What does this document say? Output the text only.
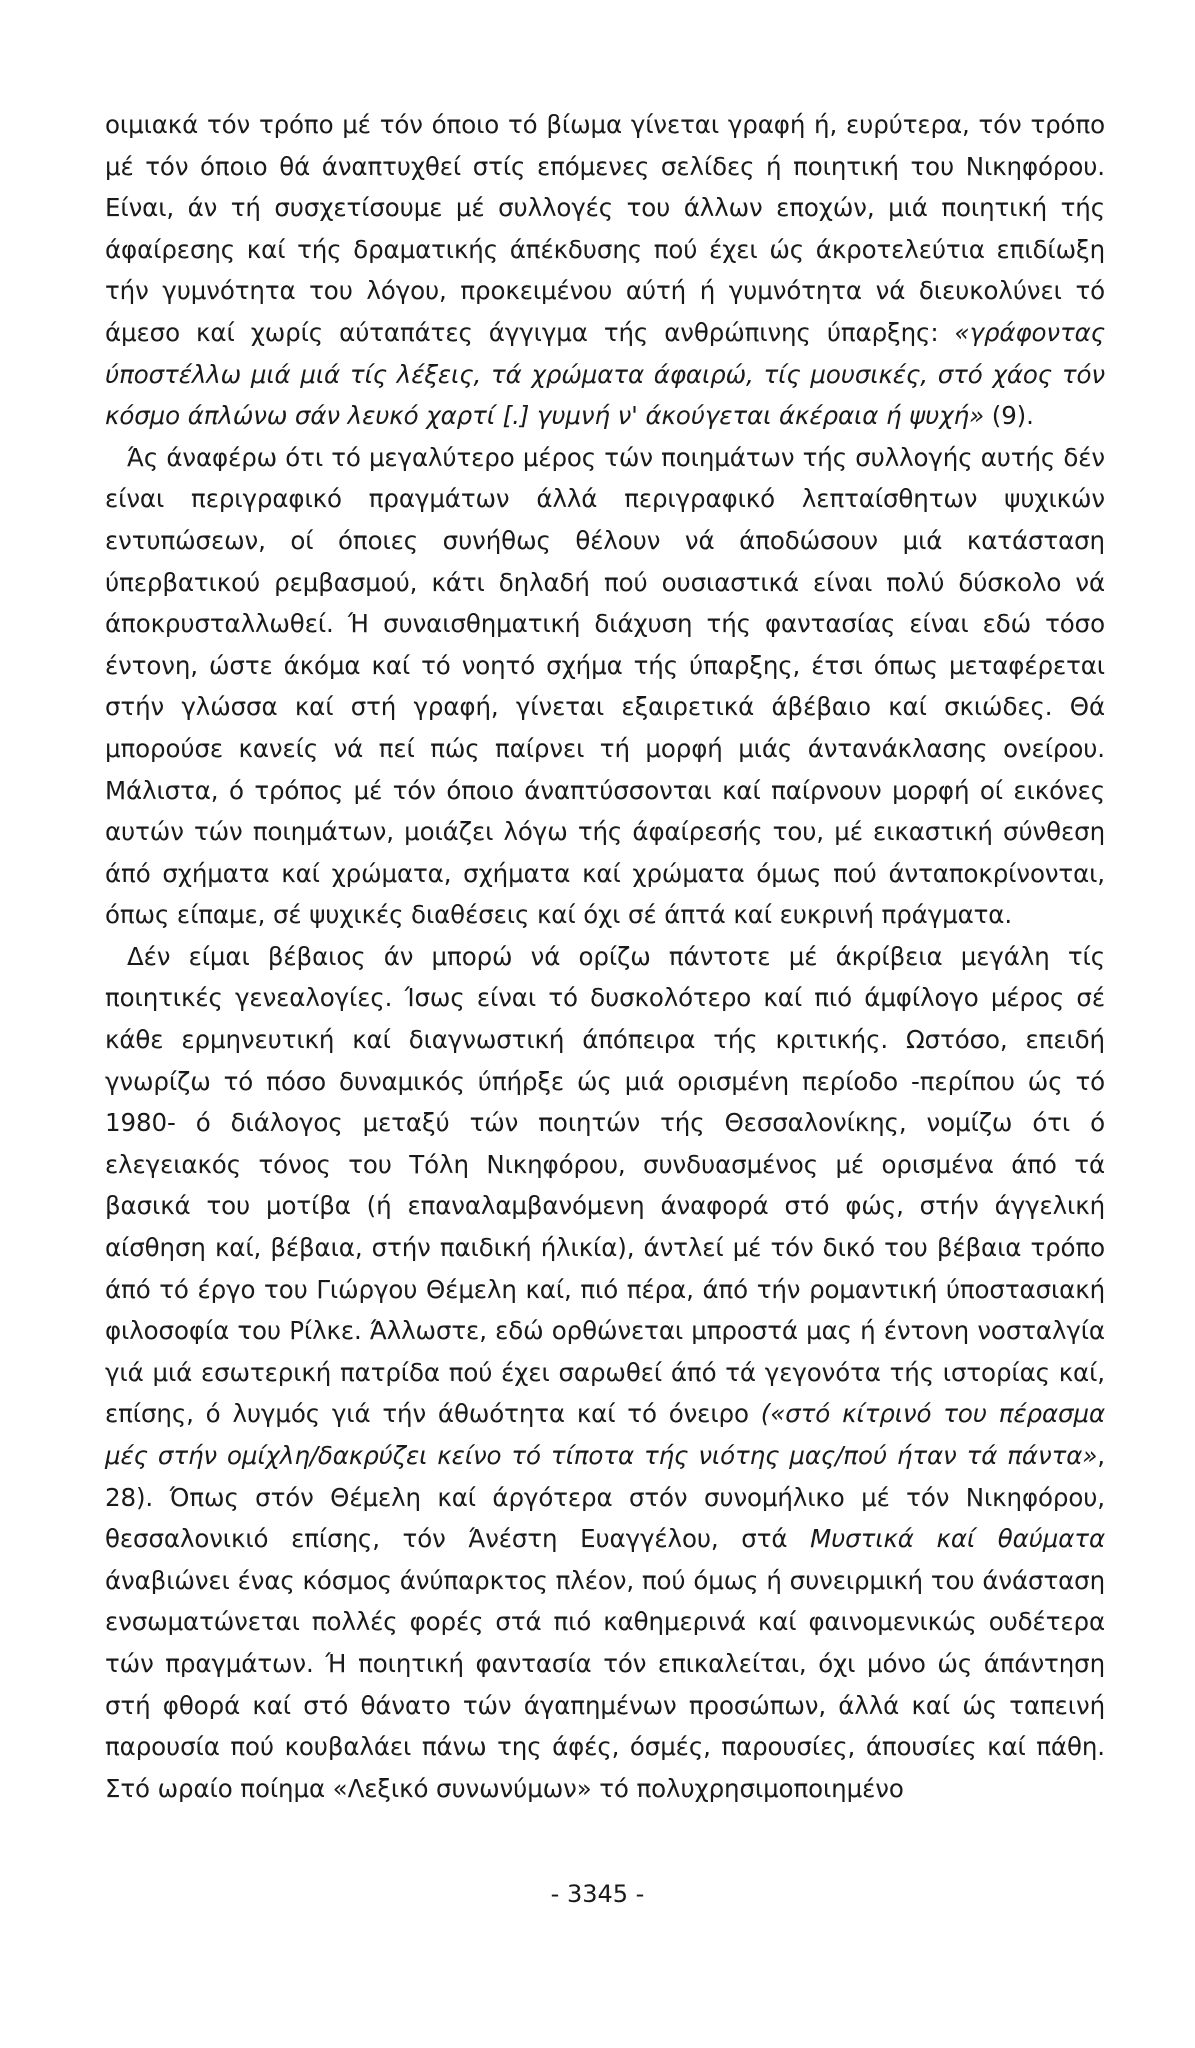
οιμιακά τόν τρόπο μέ τόν όποιο τό βίωμα γίνεται γραφή ή, ευρύτερα, τόν τρόπο μέ τόν όποιο θά άναπτυχθεί στίς επόμενες σελίδες ή ποιητική του Νικηφόρου. Είναι, άν τή συσχετίσουμε μέ συλλογές του άλλων εποχών, μιά ποιητική τής άφαίρεσης καί τής δραματικής άπέκδυσης πού έχει ώς άκροτελεύτια επιδίωξη τήν γυμνότητα του λόγου, προκειμένου αύτή ή γυμνότητα νά διευκολύνει τό άμεσο καί χωρίς αύταπάτες άγγιγμα τής ανθρώπινης ύπαρξης: «γράφοντας ύποστέλλω μιά μιά τίς λέξεις, τά χρώματα άφαιρώ, τίς μουσικές, στό χάος τόν κόσμο άπλώνω σάν λευκό χαρτί [.] γυμνή ν' άκούγεται άκέραια ή ψυχή» (9).

Άς άναφέρω ότι τό μεγαλύτερο μέρος τών ποιημάτων τής συλλογής αυτής δέν είναι περιγραφικό πραγμάτων άλλά περιγραφικό λεπταίσθητων ψυχικών εντυπώσεων, οί όποιες συνήθως θέλουν νά άποδώσουν μιά κατάσταση ύπερβατικού ρεμβασμού, κάτι δηλαδή πού ουσιαστικά είναι πολύ δύσκολο νά άποκρυσταλλωθεί. Ή συναισθηματική διάχυση τής φαντασίας είναι εδώ τόσο έντονη, ώστε άκόμα καί τό νοητό σχήμα τής ύπαρξης, έτσι όπως μεταφέρεται στήν γλώσσα καί στή γραφή, γίνεται εξαιρετικά άβέβαιο καί σκιώδες. Θά μπορούσε κανείς νά πεί πώς παίρνει τή μορφή μιάς άντανάκλασης ονείρου. Μάλιστα, ό τρόπος μέ τόν όποιο άναπτύσσονται καί παίρνουν μορφή οί εικόνες αυτών τών ποιημάτων, μοιάζει λόγω τής άφαίρεσής του, μέ εικαστική σύνθεση άπό σχήματα καί χρώματα, σχήματα καί χρώματα όμως πού άνταποκρίνονται, όπως είπαμε, σέ ψυχικές διαθέσεις καί όχι σέ άπτά καί ευκρινή πράγματα.

Δέν είμαι βέβαιος άν μπορώ νά ορίζω πάντοτε μέ άκρίβεια μεγάλη τίς ποιητικές γενεαλογίες. Ίσως είναι τό δυσκολότερο καί πιό άμφίλογο μέρος σέ κάθε ερμηνευτική καί διαγνωστική άπόπειρα τής κριτικής. Ωστόσο, επειδή γνωρίζω τό πόσο δυναμικός ύπήρξε ώς μιά ορισμένη περίοδο -περίπου ώς τό 1980- ό διάλογος μεταξύ τών ποιητών τής Θεσσαλονίκης, νομίζω ότι ό ελεγειακός τόνος του Τόλη Νικηφόρου, συνδυασμένος μέ ορισμένα άπό τά βασικά του μοτίβα (ή επαναλαμβανόμενη άναφορά στό φώς, στήν άγγελική αίσθηση καί, βέβαια, στήν παιδική ήλικία), άντλεί μέ τόν δικό του βέβαια τρόπο άπό τό έργο του Γιώργου Θέμελη καί, πιό πέρα, άπό τήν ρομαντική ύποστασιακή φιλοσοφία του Ρίλκε. Άλλωστε, εδώ ορθώνεται μπροστά μας ή έντονη νοσταλγία γιά μιά εσωτερική πατρίδα πού έχει σαρωθεί άπό τά γεγονότα τής ιστορίας καί, επίσης, ό λυγμός γιά τήν άθωότητα καί τό όνειρο («στό κίτρινό του πέρασμα μές στήν ομίχλη/δακρύζει κείνο τό τίποτα τής νιότης μας/πού ήταν τά πάντα», 28). Όπως στόν Θέμελη καί άργότερα στόν συνομήλικο μέ τόν Νικηφόρου, θεσσαλονικιό επίσης, τόν Άνέστη Ευαγγέλου, στά Μυστικά καί θαύματα άναβιώνει ένας κόσμος άνύπαρκτος πλέον, πού όμως ή συνειρμική του άνάσταση ενσωματώνεται πολλές φορές στά πιό καθημερινά καί φαινομενικώς ουδέτερα τών πραγμάτων. Ή ποιητική φαντασία τόν επικαλείται, όχι μόνο ώς άπάντηση στή φθορά καί στό θάνατο τών άγαπημένων προσώπων, άλλά καί ώς ταπεινή παρουσία πού κουβαλάει πάνω της άφές, όσμές, παρουσίες, άπουσίες καί πάθη. Στό ωραίο ποίημα «Λεξικό συνωνύμων» τό πολυχρησιμοποιημένο

- 3345 -
